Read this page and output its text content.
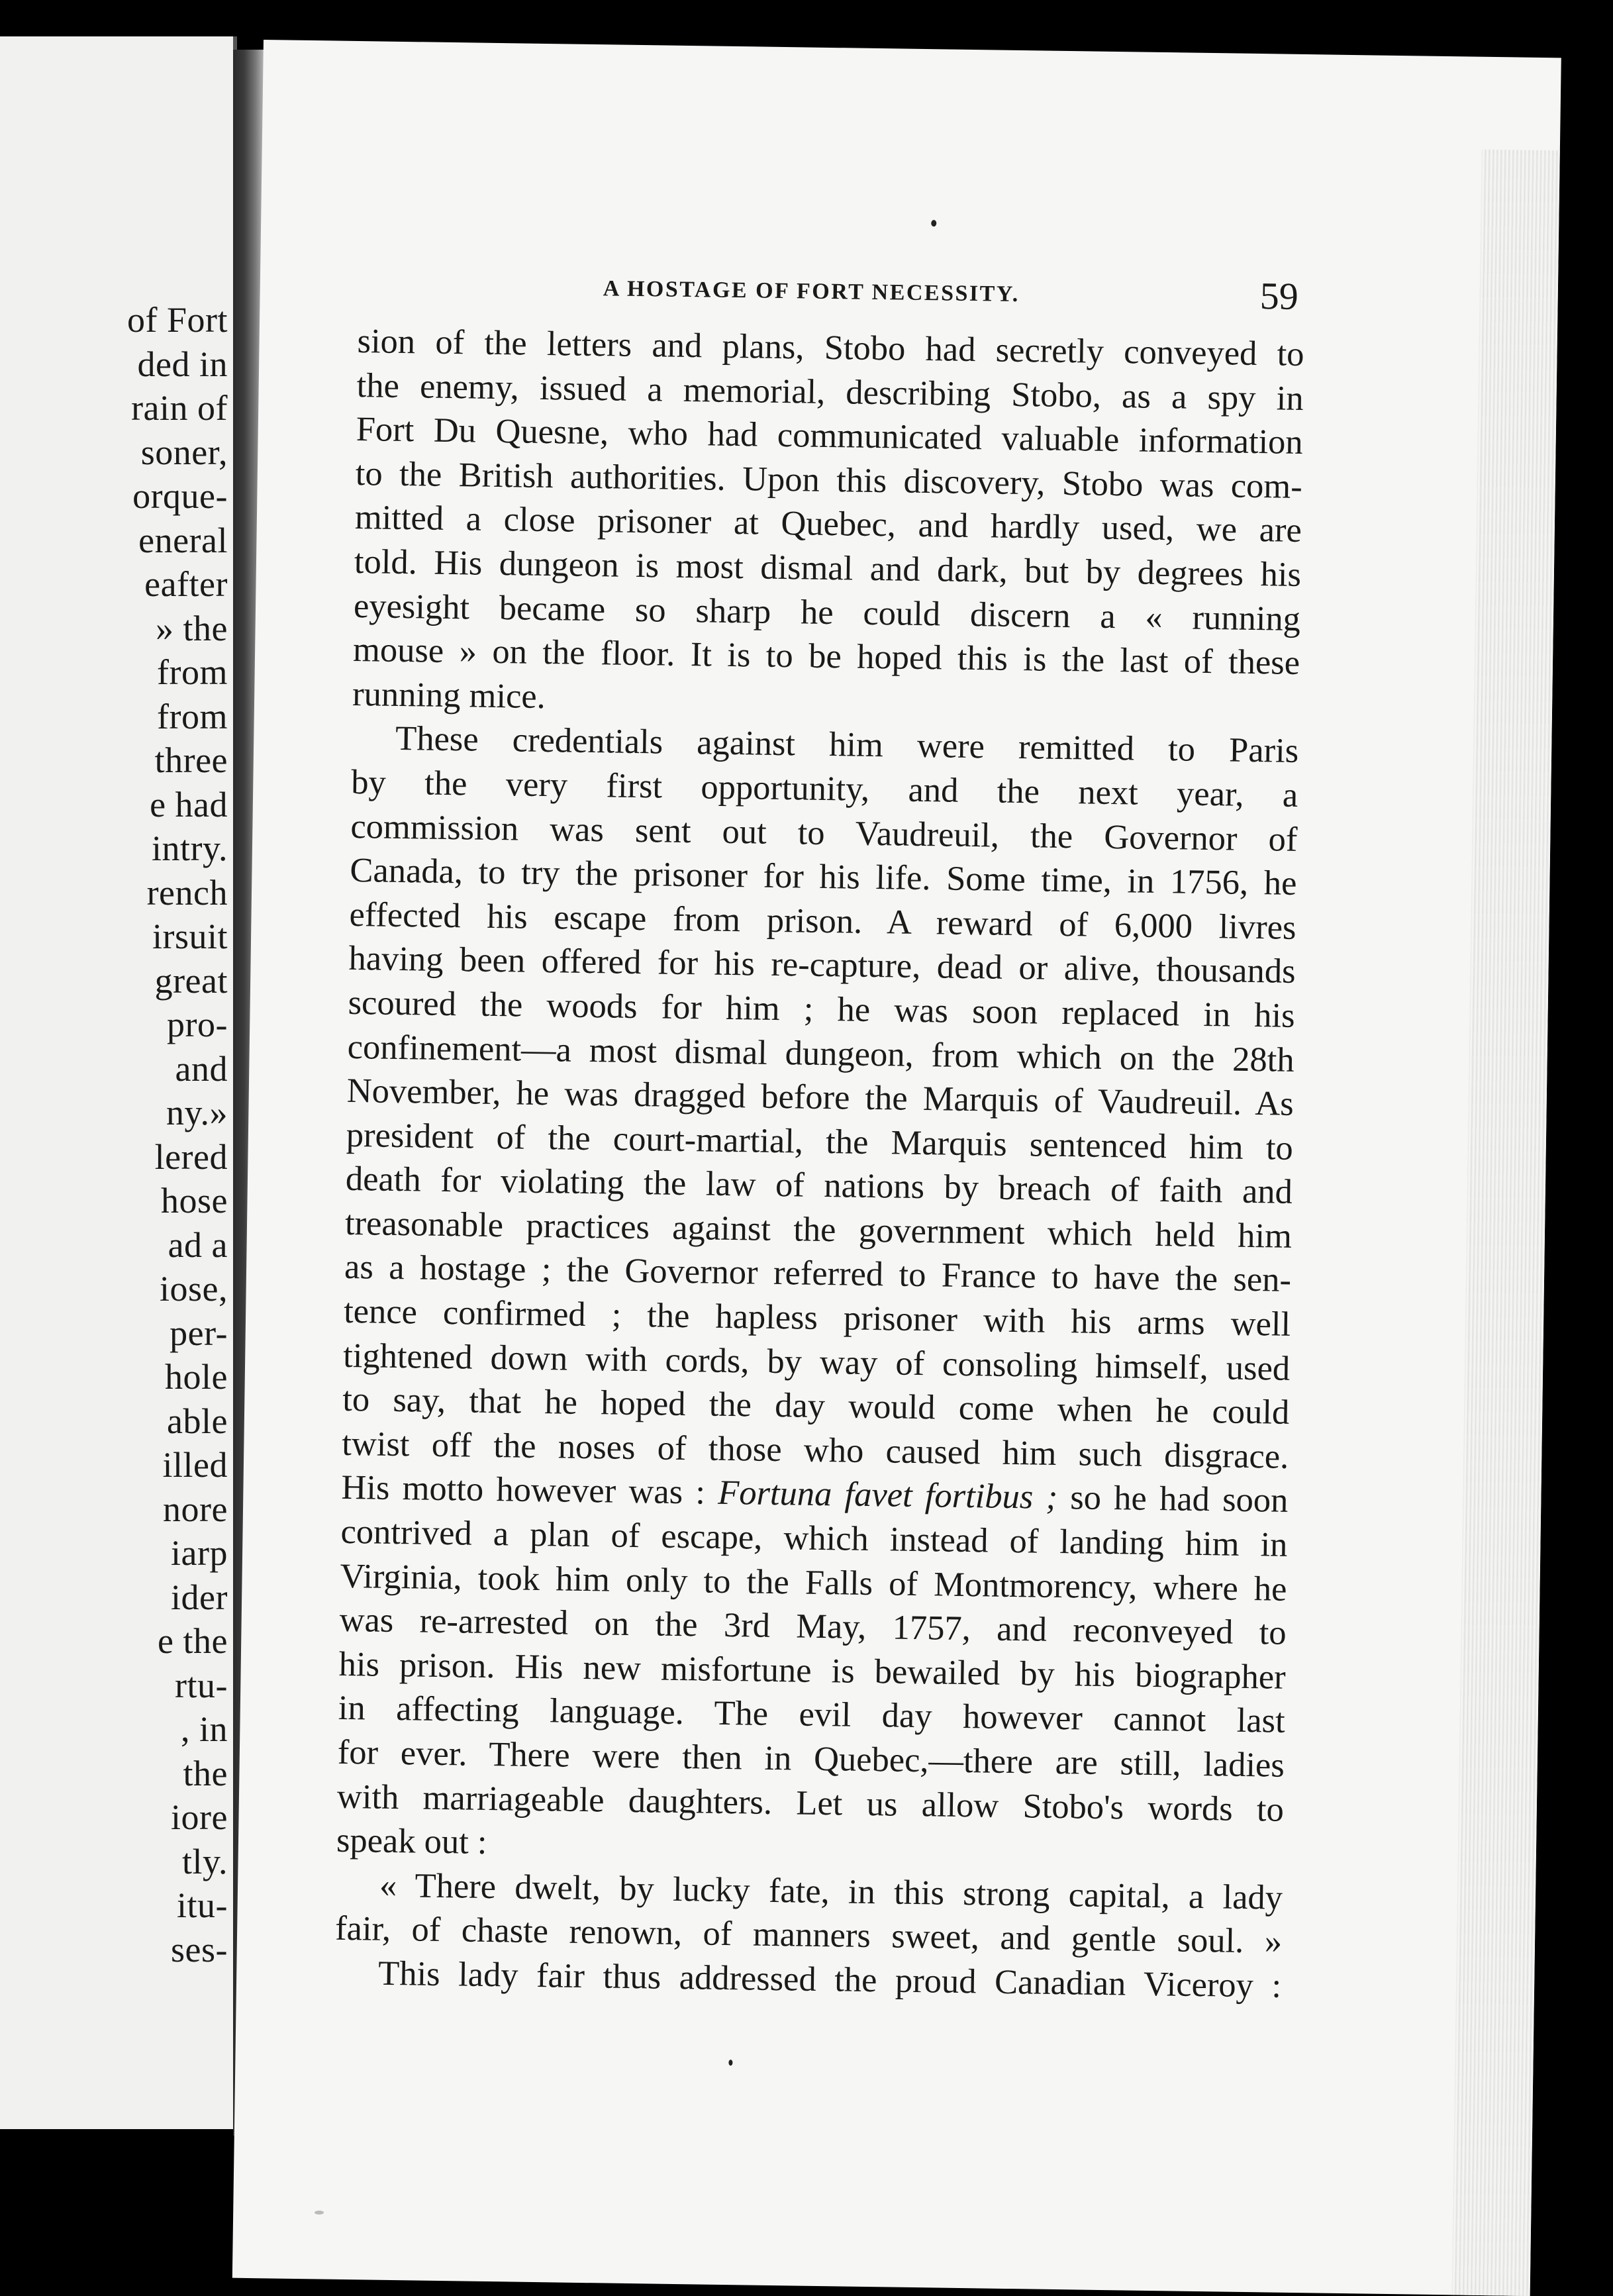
of Fort
ded in
rain of
soner,
orque-
eneral
eafter
» the
from
from
three
e had
intry.
rench
irsuit
great
pro-
and
ny.»
lered
hose
ad a
iose,
per-
hole
able
illed
nore
iarp
ider
e the
rtu-
, in
the
iore
tly.
itu-
ses-
A HOSTAGE OF FORT NECESSITY.	59
sion of the letters and plans, Stobo had secretly conveyed to
the enemy, issued a memorial, describing Stobo, as a spy in
Fort Du Quesne, who had communicated valuable information
to the British authorities. Upon this discovery, Stobo was com-
mitted a close prisoner at Quebec, and hardly used, we are
told. His dungeon is most dismal and dark, but by degrees his
eyesight became so sharp he could discern a « running
mouse » on the floor. It is to be hoped this is the last of these
running mice.
These credentials against him were remitted to Paris
by the very first opportunity, and the next year, a
commission was sent out to Vaudreuil, the Governor of
Canada, to try the prisoner for his life. Some time, in 1756, he
effected his escape from prison. A reward of 6,000 livres
having been offered for his re-capture, dead or alive, thousands
scoured the woods for him ; he was soon replaced in his
confinement—a most dismal dungeon, from which on the 28th
November, he was dragged before the Marquis of Vaudreuil. As
president of the court-martial, the Marquis sentenced him to
death for violating the law of nations by breach of faith and
treasonable practices against the government which held him
as a hostage ; the Governor referred to France to have the sen-
tence confirmed ; the hapless prisoner with his arms well
tightened down with cords, by way of consoling himself, used
to say, that he hoped the day would come when he could
twist off the noses of those who caused him such disgrace.
His motto however was : Fortuna favet fortibus ; so he had soon
contrived a plan of escape, which instead of landing him in
Virginia, took him only to the Falls of Montmorency, where he
was re-arrested on the 3rd May, 1757, and reconveyed to
his prison. His new misfortune is bewailed by his biographer
in affecting language. The evil day however cannot last
for ever. There were then in Quebec,—there are still, ladies
with marriageable daughters. Let us allow Stobo's words to
speak out :
« There dwelt, by lucky fate, in this strong capital, a lady
fair, of chaste renown, of manners sweet, and gentle soul. »
This lady fair thus addressed the proud Canadian Viceroy :
